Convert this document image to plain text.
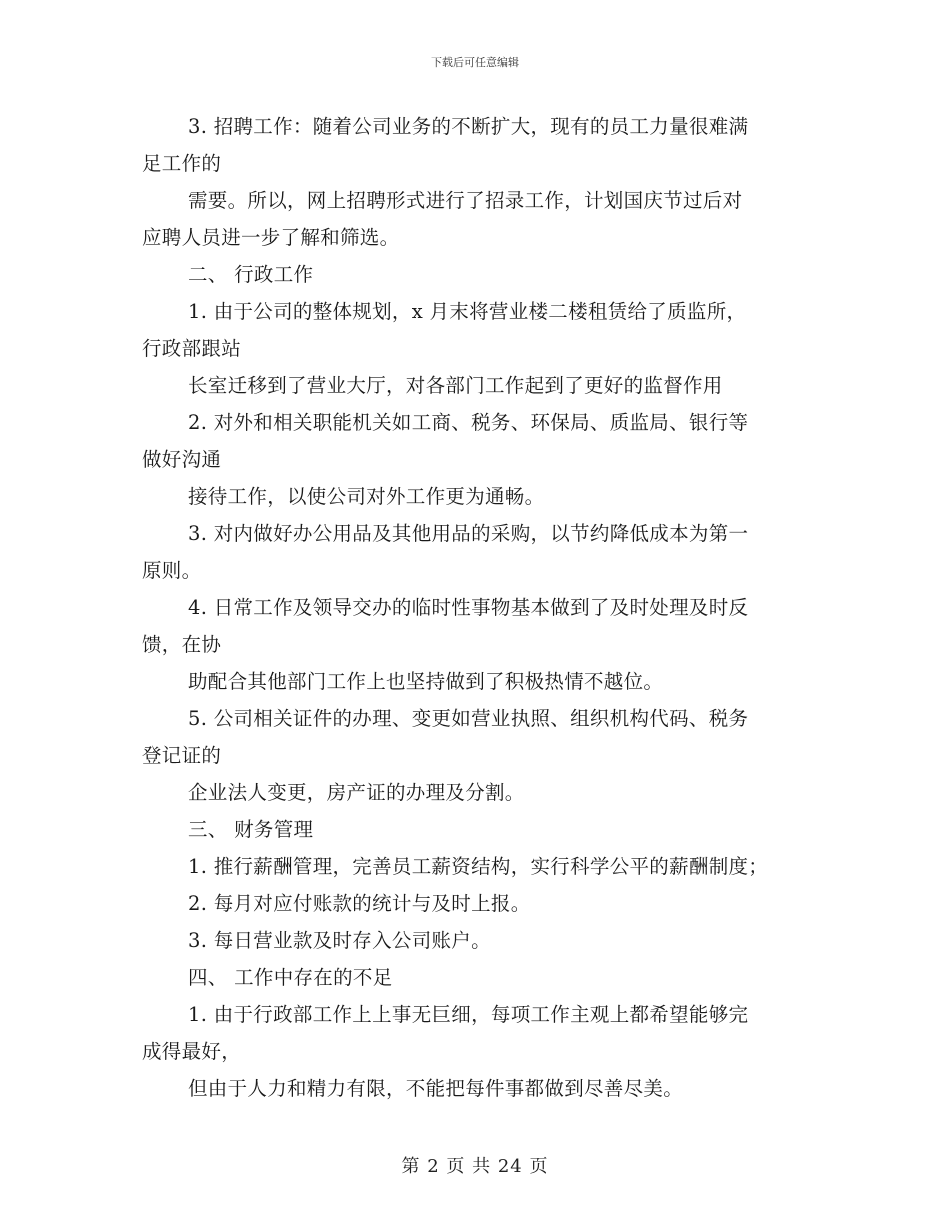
下载后可任意编辑
3. 招聘工作：随着公司业务的不断扩大，现有的员工力量很难满
足工作的
需要。所以，网上招聘形式进行了招录工作，计划国庆节过后对
应聘人员进一步了解和筛选。
二、 行政工作
1. 由于公司的整体规划，x 月末将营业楼二楼租赁给了质监所，
行政部跟站
长室迁移到了营业大厅，对各部门工作起到了更好的监督作用
2. 对外和相关职能机关如工商、税务、环保局、质监局、银行等
做好沟通
接待工作，以使公司对外工作更为通畅。
3. 对内做好办公用品及其他用品的采购，以节约降低成本为第一
原则。
4. 日常工作及领导交办的临时性事物基本做到了及时处理及时反
馈，在协
助配合其他部门工作上也坚持做到了积极热情不越位。
5. 公司相关证件的办理、变更如营业执照、组织机构代码、税务
登记证的
企业法人变更，房产证的办理及分割。
三、 财务管理
1. 推行薪酬管理，完善员工薪资结构，实行科学公平的薪酬制度；
2. 每月对应付账款的统计与及时上报。
3. 每日营业款及时存入公司账户。
四、 工作中存在的不足
1. 由于行政部工作上上事无巨细，每项工作主观上都希望能够完
成得最好，
但由于人力和精力有限，不能把每件事都做到尽善尽美。
第 2 页 共 24 页
